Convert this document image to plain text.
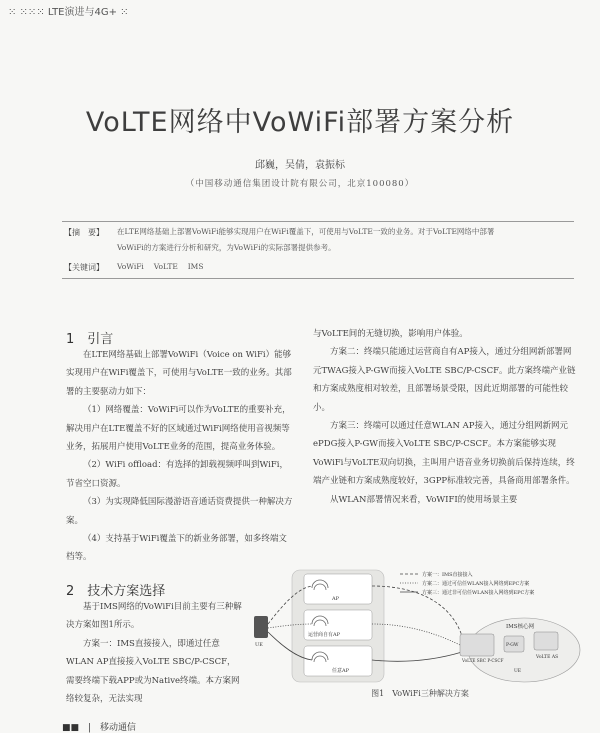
⁙ ⁙⁙⁙ LTE演进与4G+ ⁙
VoLTE网络中VoWiFi部署方案分析
邱巍，吴倩，袁振标
（中国移动通信集团设计院有限公司，北京100080）
【摘　要】 在LTE网络基础上部署VoWiFi能够实现用户在WiFi覆盖下，可使用与VoLTE一致的业务。对于VoLTE网络中部署
VoWiFi的方案进行分析和研究，为VoWiFi的实际部署提供参考。
【关键词】 VoWiFi  VoLTE  IMS
1　引言

在LTE网络基础上部署VoWiFi（Voice on WiFi）能够实现用户在WiFi覆盖下，可使用与VoLTE一致的业务。其部署的主要驱动力如下：

（1）网络覆盖：VoWiFi可以作为VoLTE的重要补充，解决用户在LTE覆盖不好的区域通过WiFi网络使用音视频等业务，拓展用户使用VoLTE业务的范围，提高业务体验。

（2）WiFi offload：有选择的卸载视频呼叫到WiFi，节省空口资源。

（3）为实现降低国际漫游语音通话资费提供一种解决方案。

（4）支持基于WiFi覆盖下的新业务部署，如多终端文档等。

2　技术方案选择

基于IMS网络的VoWiFi目前主要有三种解决方案如图1所示。

方案一：IMS直接接入，即通过任意WLAN AP直接接入VoLTE SBC/P-CSCF，需要终端下载APP或为Native终端。本方案网络较复杂，无法实现

与VoLTE间的无缝切换，影响用户体验。

方案二：终端只能通过运营商自有AP接入，通过分组网新部署网元TWAG接入P-GW而接入VoLTE SBC/P-CSCF。此方案终端产业链和方案成熟度相对较差，且部署场景受限，因此近期部署的可能性较小。

方案三：终端可以通过任意WLAN AP接入，通过分组网新网元ePDG接入P-GW而接入VoLTE SBC/P-CSCF。本方案能够实现VoWiFi与VoLTE双向切换，主叫用户语音业务切换前后保持连续，终端产业链和方案成熟度较好，3GPP标准较完善，具备商用部署条件。

从WLAN部署情况来看，VoWIFI的使用场景主要

AP
运营商自有AP
任意AP
UE
方案一：IMS直接接入
方案二：通过可信任WLAN接入网络到EPC方案
方案三：通过非可信任WLAN接入网络到EPC方案
IMS核心网
VoLTE SBC P-CSCF
P-GW
VoLTE AS
UE
图1　VoWiFi三种解决方案
■■　|　移动通信
